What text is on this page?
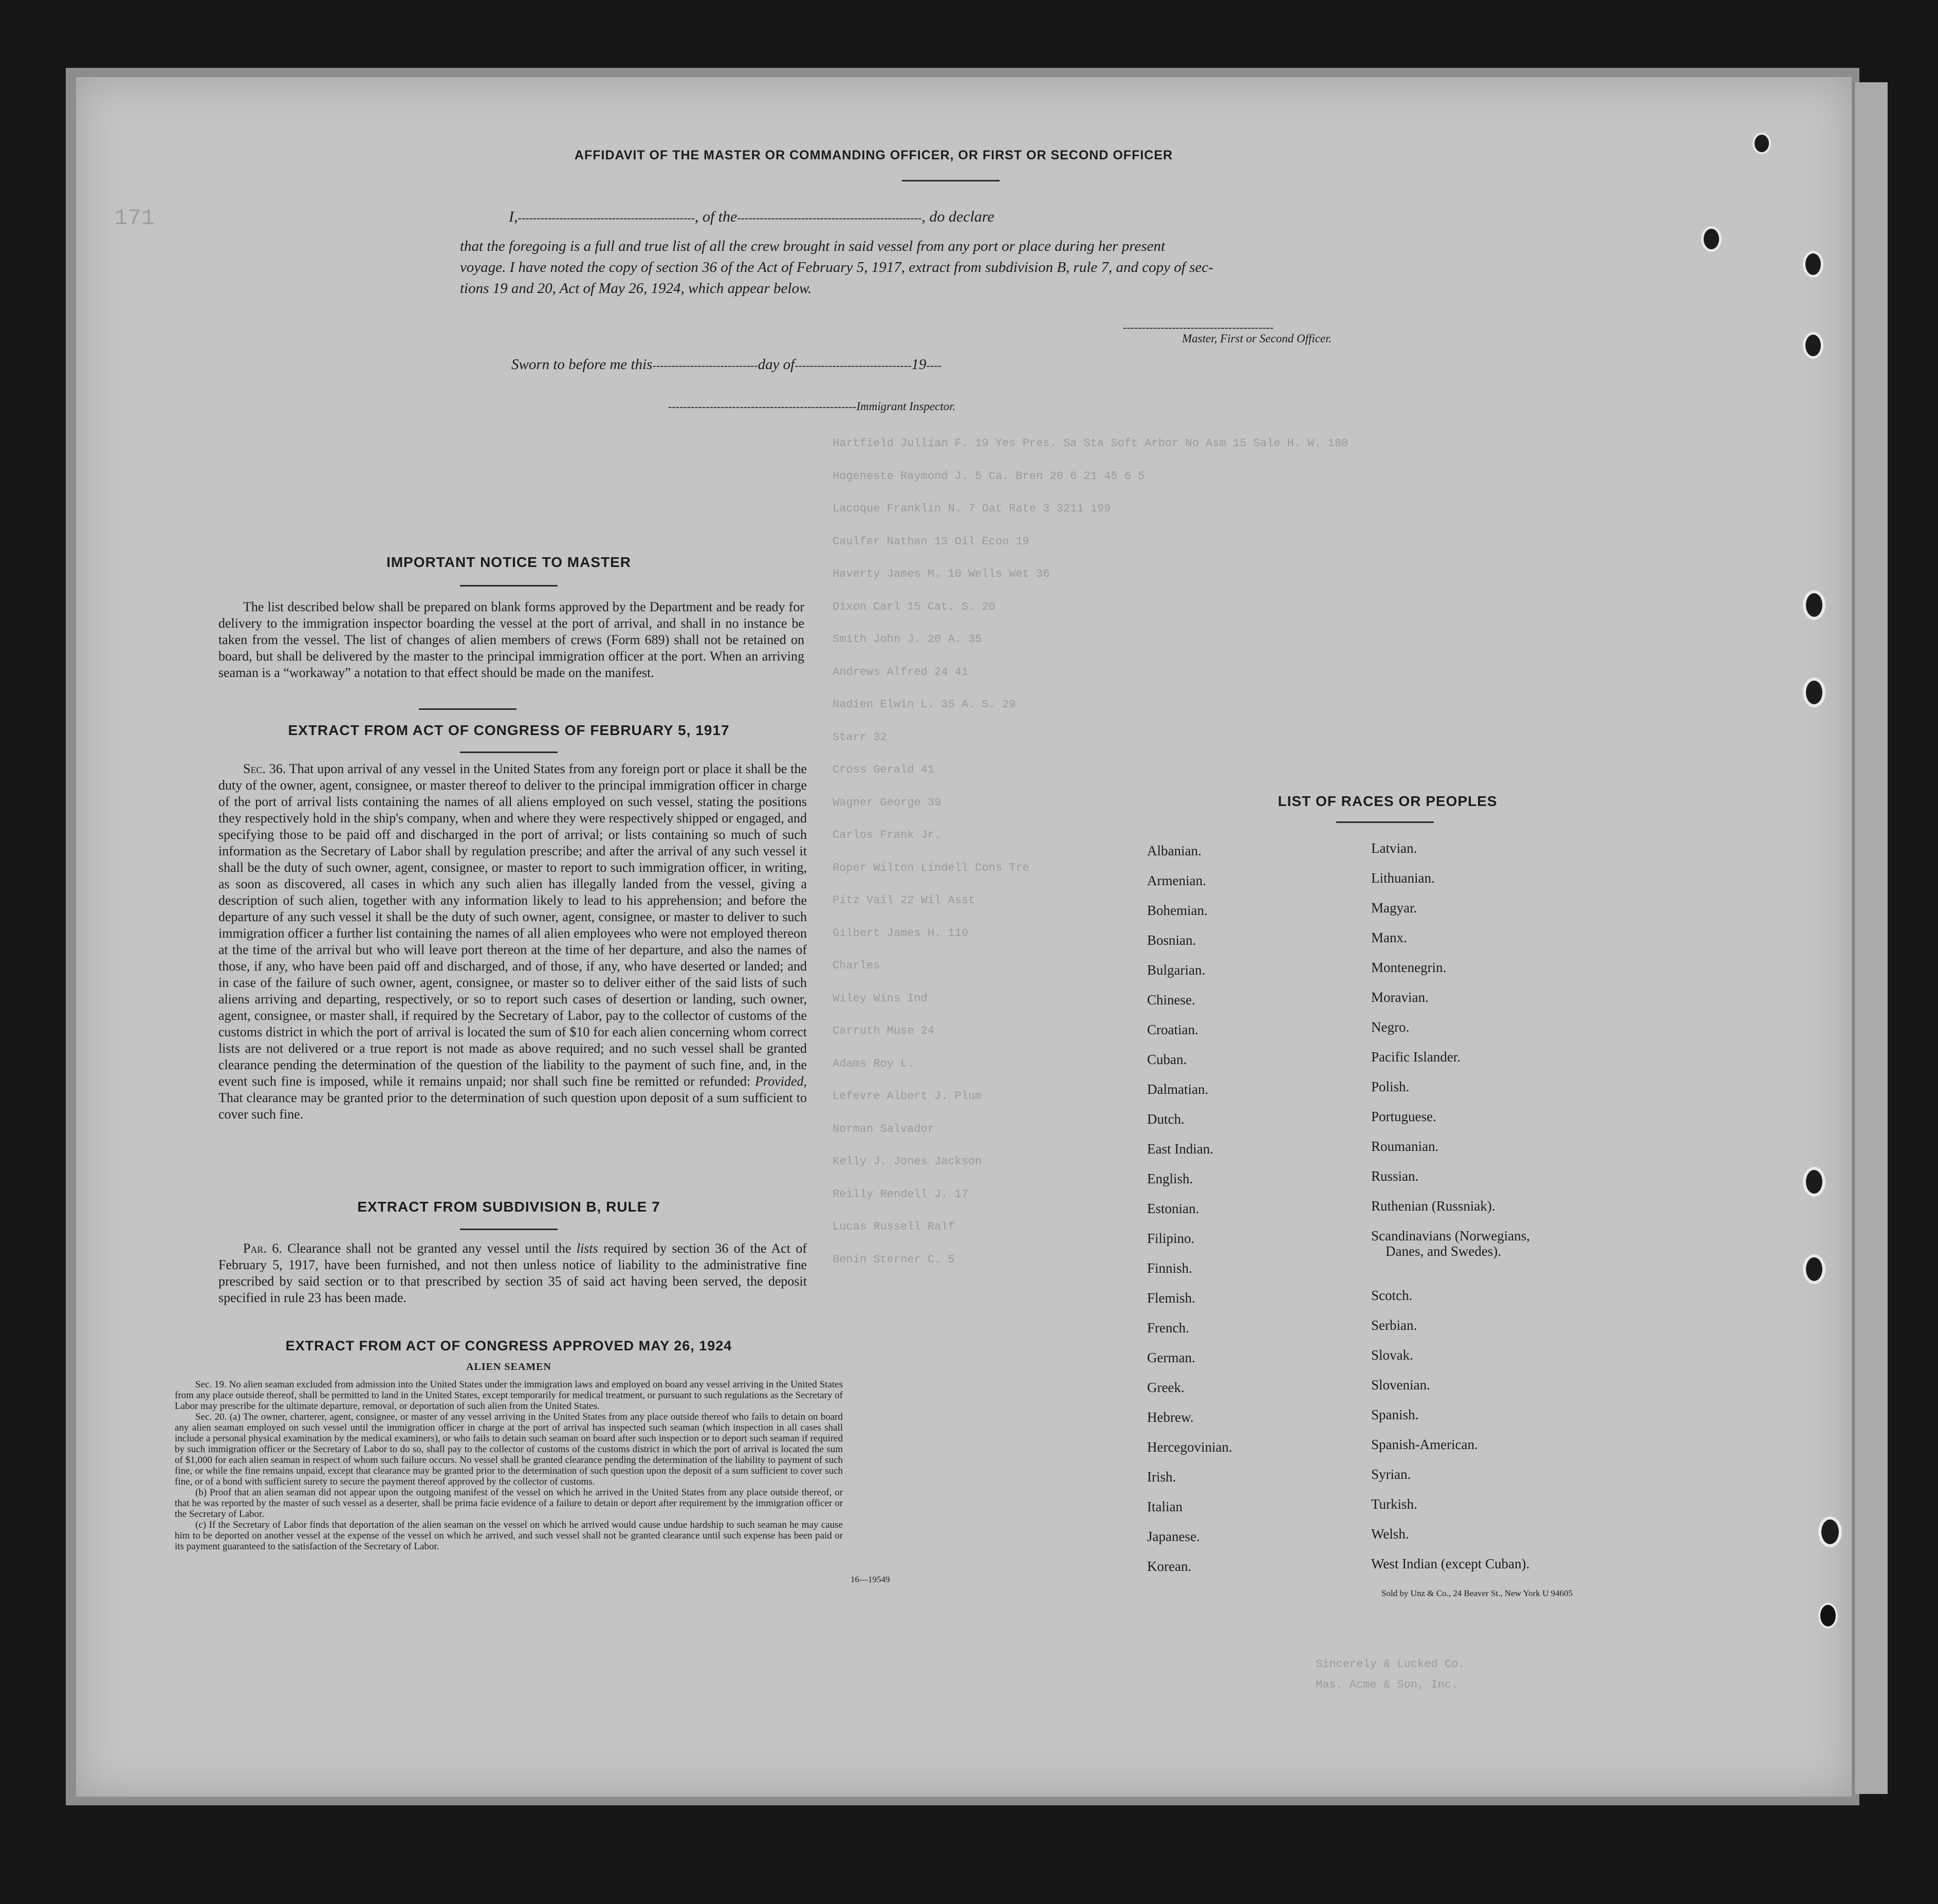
Hartfield Jullian F. 19 Yes Pres. Sa Sta Soft Arbor No Asm 15 Sale H. W. 180
Hogeneste Raymond J. 5 Ca. Bren 20 6 21 45 6 5
Lacoque Franklin N. 7 Oat Rate 3 3211 199
Caulfer Nathan 13 Oil Ecoo 19
Haverty James M. 10 Wells Wet 36
Dixon Carl 15 Cat. S. 20
Smith John J. 20 A. 35
Andrews Alfred 24 41
Nadien Elwin L. 35 A. S. 29
Starr 32
Cross Gerald 41
Wagner George 39
Carlos Frank Jr.
Roper Wilton Lindell Cons Tre
Pitz Vail 22 Wil Asst
Gilbert James H. 110
Charles
Wiley Wins Ind
Carruth Muse 24
Adams Roy L.
Lefevre Albert J. Plum
Norman Salvador
Kelly J. Jones Jackson
Reilly Rendell J. 17
Lucas Russell Ralf
Benin Sterner C. 5
Sincerely & Lucked Co.
Mas. Acme & Son, Inc.
171
AFFIDAVIT OF THE MASTER OR COMMANDING OFFICER, OR FIRST OR SECOND OFFICER
I,-----------------------------------------------, of the-------------------------------------------------, do declare
that the foregoing is a full and true list of all the crew brought in said vessel from any port or place during her present
voyage. I have noted the copy of section 36 of the Act of February 5, 1917, extract from subdivision B, rule 7, and copy of sec-
tions 19 and 20, Act of May 26, 1924, which appear below.
----------------------------------------
Master, First or Second Officer.
Sworn to before me this----------------------------day of-------------------------------19----
--------------------------------------------------Immigrant Inspector.
IMPORTANT NOTICE TO MASTER
The list described below shall be prepared on blank forms approved by the Department and be ready for delivery to the immigration inspector boarding the vessel at the port of arrival, and shall in no instance be taken from the vessel. The list of changes of alien members of crews (Form 689) shall not be retained on board, but shall be delivered by the master to the principal immigration officer at the port. When an arriving seaman is a “workaway” a notation to that effect should be made on the manifest.
EXTRACT FROM ACT OF CONGRESS OF FEBRUARY 5, 1917
Sec. 36. That upon arrival of any vessel in the United States from any foreign port or place it shall be the duty of the owner, agent, consignee, or master thereof to deliver to the principal immigration officer in charge of the port of arrival lists containing the names of all aliens employed on such vessel, stating the positions they respectively hold in the ship's company, when and where they were respectively shipped or engaged, and specifying those to be paid off and discharged in the port of arrival; or lists containing so much of such information as the Secretary of Labor shall by regulation prescribe; and after the arrival of any such vessel it shall be the duty of such owner, agent, consignee, or master to report to such immigration officer, in writing, as soon as discovered, all cases in which any such alien has illegally landed from the vessel, giving a description of such alien, together with any information likely to lead to his apprehension; and before the departure of any such vessel it shall be the duty of such owner, agent, consignee, or master to deliver to such immigration officer a further list containing the names of all alien employees who were not employed thereon at the time of the arrival but who will leave port thereon at the time of her departure, and also the names of those, if any, who have been paid off and discharged, and of those, if any, who have deserted or landed; and in case of the failure of such owner, agent, consignee, or master so to deliver either of the said lists of such aliens arriving and departing, respectively, or so to report such cases of desertion or landing, such owner, agent, consignee, or master shall, if required by the Secretary of Labor, pay to the collector of customs of the customs district in which the port of arrival is located the sum of $10 for each alien concerning whom correct lists are not delivered or a true report is not made as above required; and no such vessel shall be granted clearance pending the determination of the question of the liability to the payment of such fine, and, in the event such fine is imposed, while it remains unpaid; nor shall such fine be remitted or refunded: Provided, That clearance may be granted prior to the determination of such question upon deposit of a sum sufficient to cover such fine.
EXTRACT FROM SUBDIVISION B, RULE 7
Par. 6. Clearance shall not be granted any vessel until the lists required by section 36 of the Act of February 5, 1917, have been furnished, and not then unless notice of liability to the administrative fine prescribed by said section or to that prescribed by section 35 of said act having been served, the deposit specified in rule 23 has been made.
EXTRACT FROM ACT OF CONGRESS APPROVED MAY 26, 1924
ALIEN SEAMEN
Sec. 19. No alien seaman excluded from admission into the United States under the immigration laws and employed on board any vessel arriving in the United States from any place outside thereof, shall be permitted to land in the United States, except temporarily for medical treatment, or pursuant to such regulations as the Secretary of Labor may prescribe for the ultimate departure, removal, or deportation of such alien from the United States.
Sec. 20. (a) The owner, charterer, agent, consignee, or master of any vessel arriving in the United States from any place outside thereof who fails to detain on board any alien seaman employed on such vessel until the immigration officer in charge at the port of arrival has inspected such seaman (which inspection in all cases shall include a personal physical examination by the medical examiners), or who fails to detain such seaman on board after such inspection or to deport such seaman if required by such immigration officer or the Secretary of Labor to do so, shall pay to the collector of customs of the customs district in which the port of arrival is located the sum of $1,000 for each alien seaman in respect of whom such failure occurs. No vessel shall be granted clearance pending the determination of the liability to payment of such fine, or while the fine remains unpaid, except that clearance may be granted prior to the determination of such question upon the deposit of a sum sufficient to cover such fine, or of a bond with sufficient surety to secure the payment thereof approved by the collector of customs.
(b) Proof that an alien seaman did not appear upon the outgoing manifest of the vessel on which he arrived in the United States from any place outside thereof, or that he was reported by the master of such vessel as a deserter, shall be prima facie evidence of a failure to detain or deport after requirement by the immigration officer or the Secretary of Labor.
(c) If the Secretary of Labor finds that deportation of the alien seaman on the vessel on which he arrived would cause undue hardship to such seaman he may cause him to be deported on another vessel at the expense of the vessel on which he arrived, and such vessel shall not be granted clearance until such expense has been paid or its payment guaranteed to the satisfaction of the Secretary of Labor.
16—19549
LIST OF RACES OR PEOPLES
Albanian.
Armenian.
Bohemian.
Bosnian.
Bulgarian.
Chinese.
Croatian.
Cuban.
Dalmatian.
Dutch.
East Indian.
English.
Estonian.
Filipino.
Finnish.
Flemish.
French.
German.
Greek.
Hebrew.
Hercegovinian.
Irish.
Italian
Japanese.
Korean.
Latvian.
Lithuanian.
Magyar.
Manx.
Montenegrin.
Moravian.
Negro.
Pacific Islander.
Polish.
Portuguese.
Roumanian.
Russian.
Ruthenian (Russniak).
Scandinavians (Norwegians,
Danes, and Swedes).
Scotch.
Serbian.
Slovak.
Slovenian.
Spanish.
Spanish-American.
Syrian.
Turkish.
Welsh.
West Indian (except Cuban).
Sold by Unz & Co., 24 Beaver St., New York U 94605
